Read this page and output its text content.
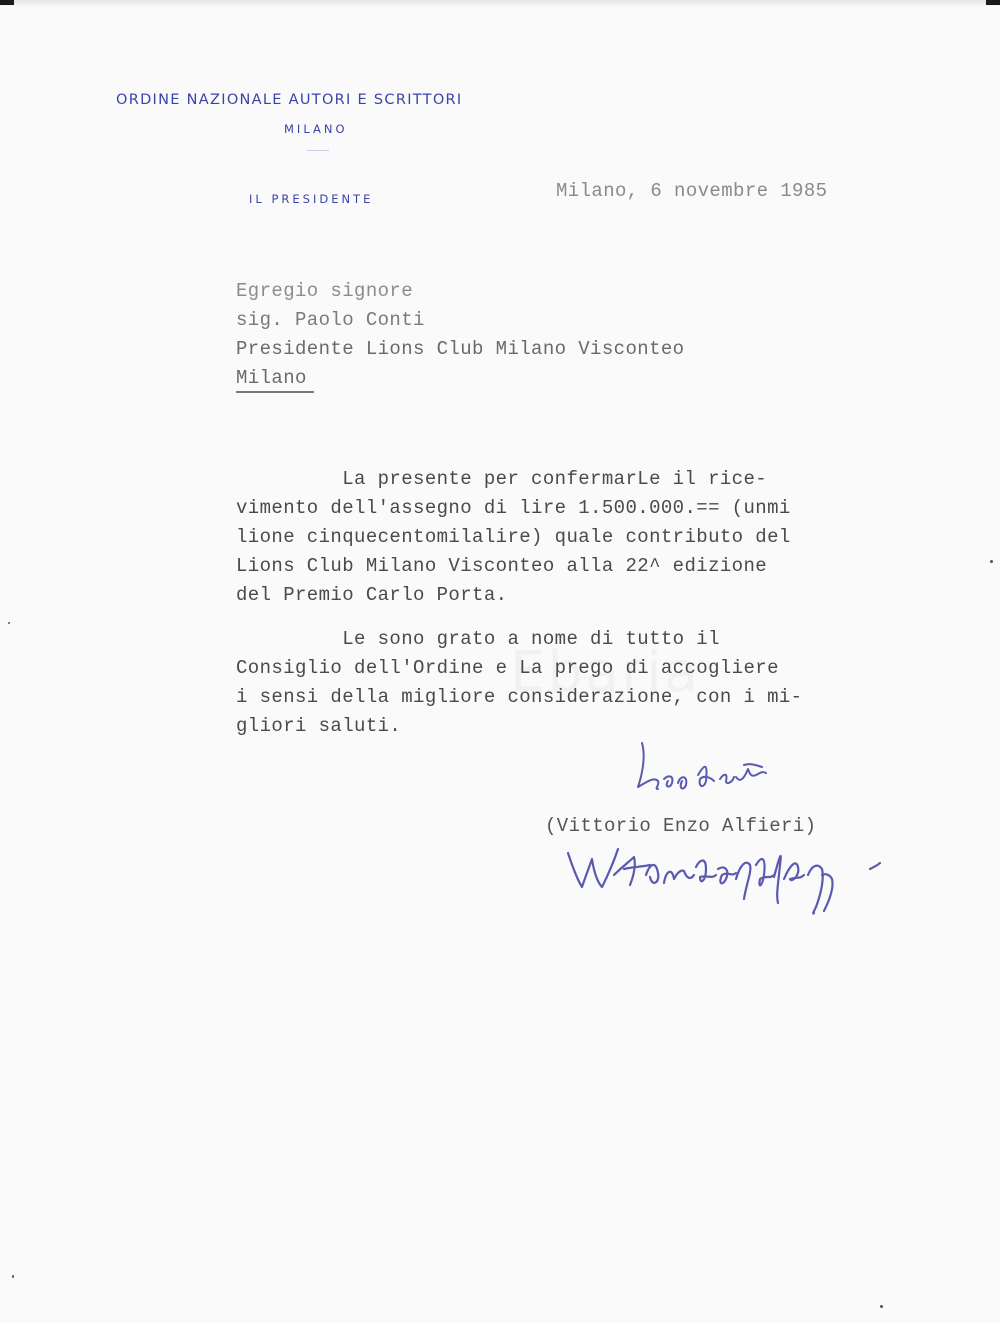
ORDINE NAZIONALE AUTORI E SCRITTORI
MILANO
IL PRESIDENTE	Milano, 6 novembre 1985
Egregio signore
sig. Paolo Conti
Presidente Lions Club Milano Visconteo
Milano
La presente per confermarLe il rice-
vimento dell'assegno di lire 1.500.000.== (unmi
lione cinquecentomilalire) quale contributo del
Lions Club Milano Visconteo alla 22^ edizione
del Premio Carlo Porta.
Le sono grato a nome di tutto il
Consiglio dell'Ordine e La prego di accogliere
i sensi della migliore considerazione, con i mi-
gliori saluti.
(Vittorio Enzo Alfieri)
